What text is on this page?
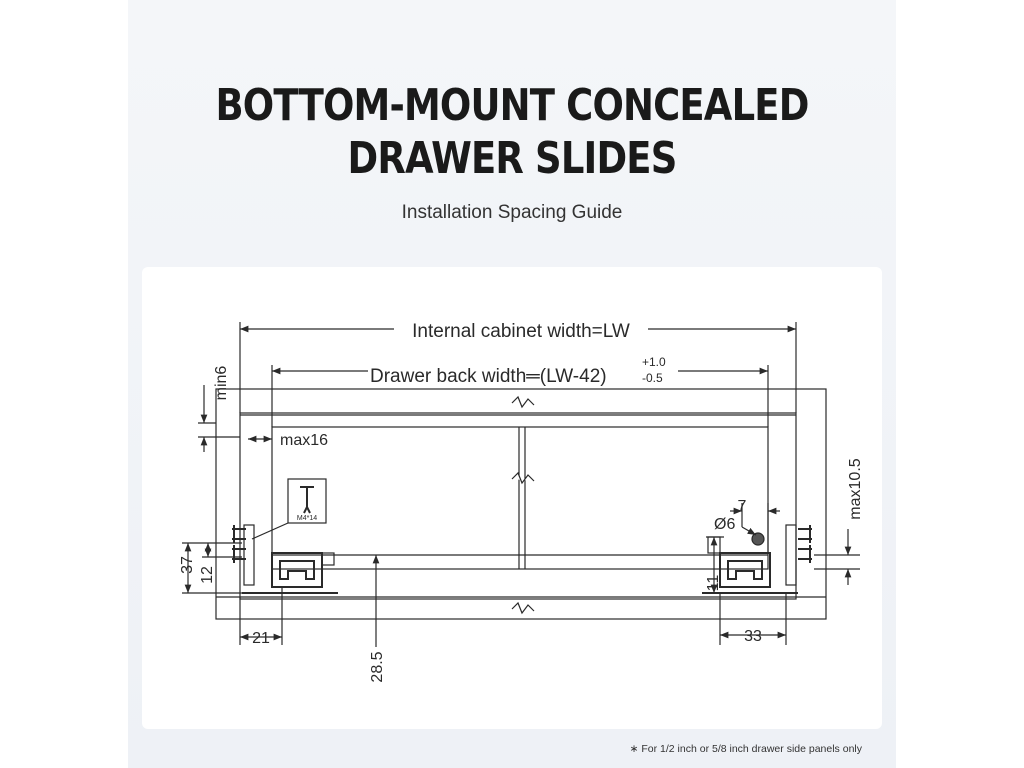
BOTTOM-MOUNT CONCEALED
DRAWER SLIDES
Installation Spacing Guide
M4*14
Internal cabinet width=LW
Drawer back width═(LW-42)
+1.0
-0.5
min6
max16
37
12
21
28.5
7
Ø6
max10.5
11
33
∗ For 1/2 inch or 5/8 inch drawer side panels only
